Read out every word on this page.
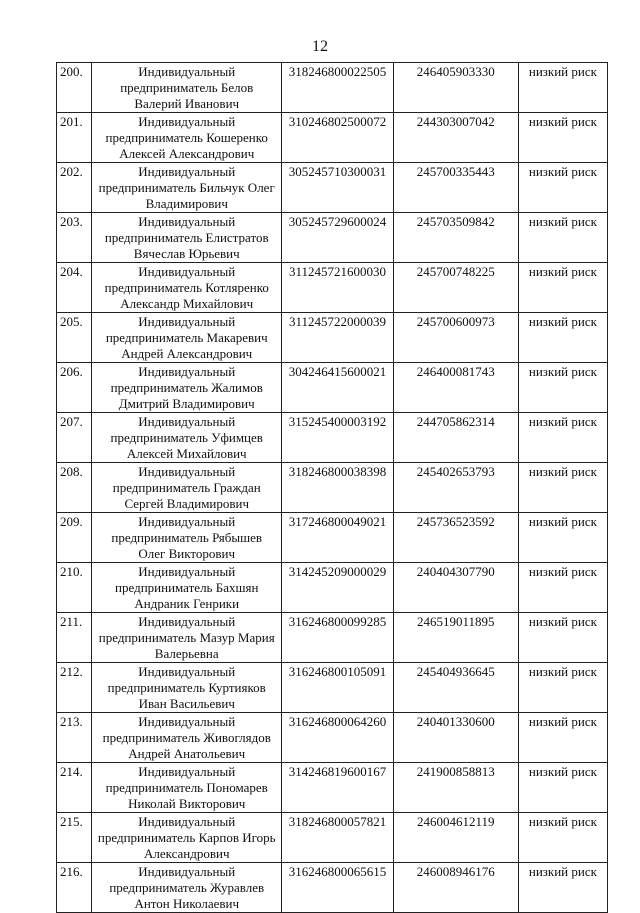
12
200.	Индивидуальный
предприниматель Белов
Валерий Иванович	318246800022505	246405903330	низкий риск
201.	Индивидуальный
предприниматель Кошеренко
Алексей Александрович	310246802500072	244303007042	низкий риск
202.	Индивидуальный
предприниматель Бильчук Олег
Владимирович	305245710300031	245700335443	низкий риск
203.	Индивидуальный
предприниматель Елистратов
Вячеслав Юрьевич	305245729600024	245703509842	низкий риск
204.	Индивидуальный
предприниматель Котляренко
Александр Михайлович	311245721600030	245700748225	низкий риск
205.	Индивидуальный
предприниматель Макаревич
Андрей Александрович	311245722000039	245700600973	низкий риск
206.	Индивидуальный
предприниматель Жалимов
Дмитрий Владимирович	304246415600021	246400081743	низкий риск
207.	Индивидуальный
предприниматель Уфимцев
Алексей Михайлович	315245400003192	244705862314	низкий риск
208.	Индивидуальный
предприниматель Граждан
Сергей Владимирович	318246800038398	245402653793	низкий риск
209.	Индивидуальный
предприниматель Рябышев
Олег Викторович	317246800049021	245736523592	низкий риск
210.	Индивидуальный
предприниматель Бахшян
Андраник Генрики	314245209000029	240404307790	низкий риск
211.	Индивидуальный
предприниматель Мазур Мария
Валерьевна	316246800099285	246519011895	низкий риск
212.	Индивидуальный
предприниматель Куртияков
Иван Васильевич	316246800105091	245404936645	низкий риск
213.	Индивидуальный
предприниматель Живоглядов
Андрей Анатольевич	316246800064260	240401330600	низкий риск
214.	Индивидуальный
предприниматель Пономарев
Николай Викторович	314246819600167	241900858813	низкий риск
215.	Индивидуальный
предприниматель Карпов Игорь
Александрович	318246800057821	246004612119	низкий риск
216.	Индивидуальный
предприниматель Журавлев
Антон Николаевич	316246800065615	246008946176	низкий риск
